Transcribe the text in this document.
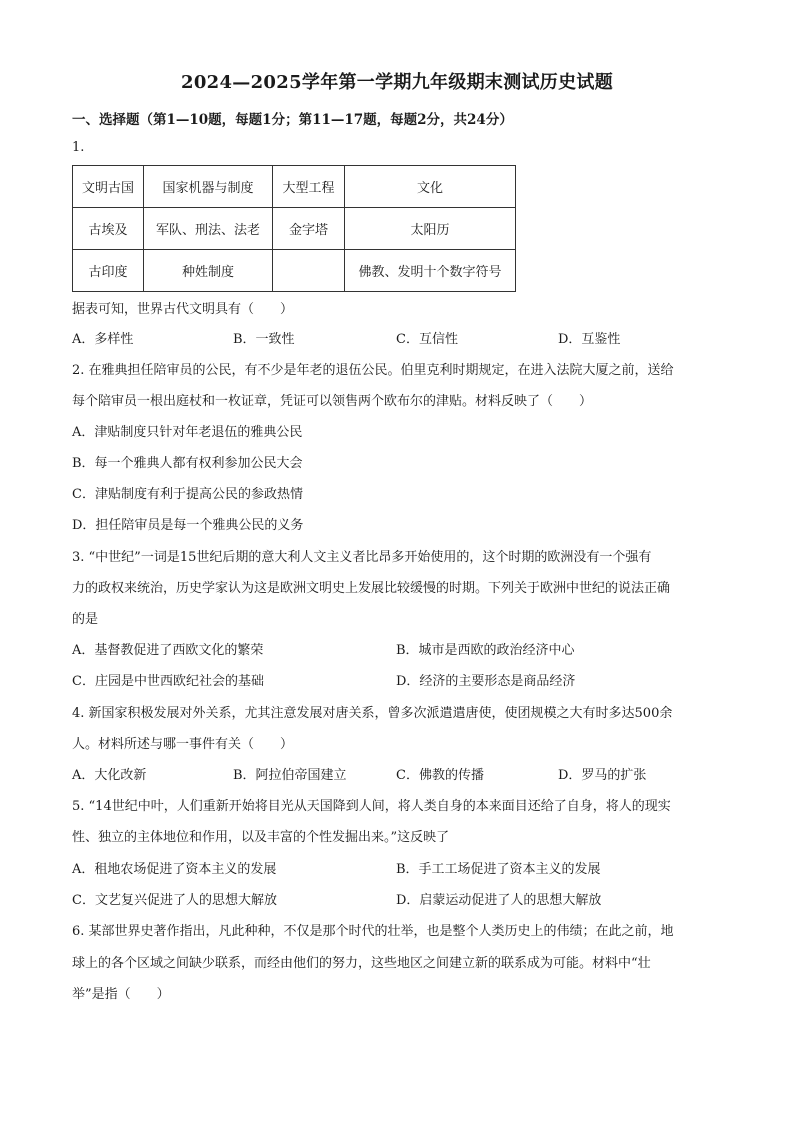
2024—2025学年第一学期九年级期末测试历史试题
一、选择题（第1—10题，每题1分；第11—17题，每题2分，共24分）
1.
文明古国	国家机器与制度	大型工程	文化
古埃及	军队、刑法、法老	金字塔	太阳历
古印度	种姓制度		佛教、发明十个数字符号
据表可知，世界古代文明具有（　　）
A．多样性	B．一致性	C．互信性	D．互鉴性
2. 在雅典担任陪审员的公民，有不少是年老的退伍公民。伯里克利时期规定，在进入法院大厦之前，送给
每个陪审员一根出庭杖和一枚证章，凭证可以领售两个欧布尔的津贴。材料反映了（　　）
A．津贴制度只针对年老退伍的雅典公民
B．每一个雅典人都有权利参加公民大会
C．津贴制度有利于提高公民的参政热情
D．担任陪审员是每一个雅典公民的义务
3. “中世纪”一词是15世纪后期的意大利人文主义者比昂多开始使用的，这个时期的欧洲没有一个强有
力的政权来统治，历史学家认为这是欧洲文明史上发展比较缓慢的时期。下列关于欧洲中世纪的说法正确
的是
A．基督教促进了西欧文化的繁荣	B．城市是西欧的政治经济中心
C．庄园是中世西欧纪社会的基础	D．经济的主要形态是商品经济
4. 新国家积极发展对外关系，尤其注意发展对唐关系，曾多次派遣遣唐使，使团规模之大有时多达500余
人。材料所述与哪一事件有关（　　）
A．大化改新	B．阿拉伯帝国建立	C．佛教的传播	D．罗马的扩张
5. “14世纪中叶，人们重新开始将目光从天国降到人间，将人类自身的本来面目还给了自身，将人的现实
性、独立的主体地位和作用，以及丰富的个性发掘出来。”这反映了
A．租地农场促进了资本主义的发展	B．手工工场促进了资本主义的发展
C．文艺复兴促进了人的思想大解放	D．启蒙运动促进了人的思想大解放
6. 某部世界史著作指出，凡此种种，不仅是那个时代的壮举，也是整个人类历史上的伟绩；在此之前，地
球上的各个区域之间缺少联系，而经由他们的努力，这些地区之间建立新的联系成为可能。材料中“壮
举”是指（　　）
